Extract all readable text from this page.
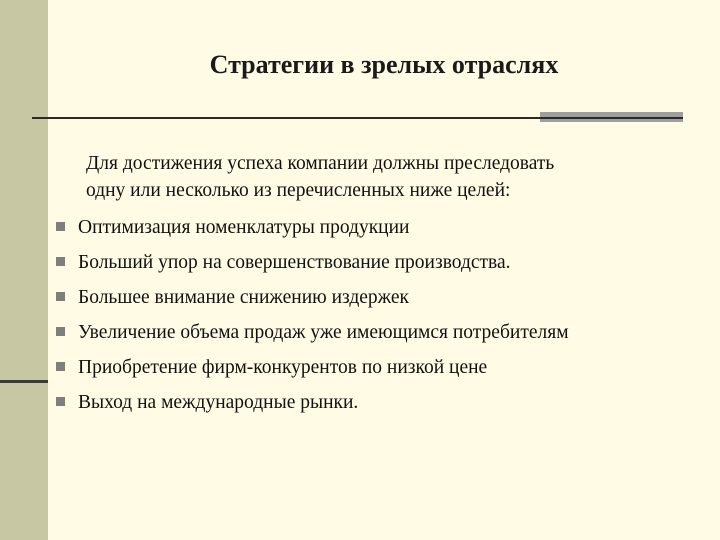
Стратегии в зрелых отраслях

Для достижения успеха компании должны преследовать
одну или несколько из перечисленных ниже целей:

Оптимизация номенклатуры продукции
Больший упор на совершенствование производства.
Большее внимание снижению издержек
Увеличение объема продаж уже имеющимся потребителям
Приобретение фирм-конкурентов по низкой цене
Выход на международные рынки.
